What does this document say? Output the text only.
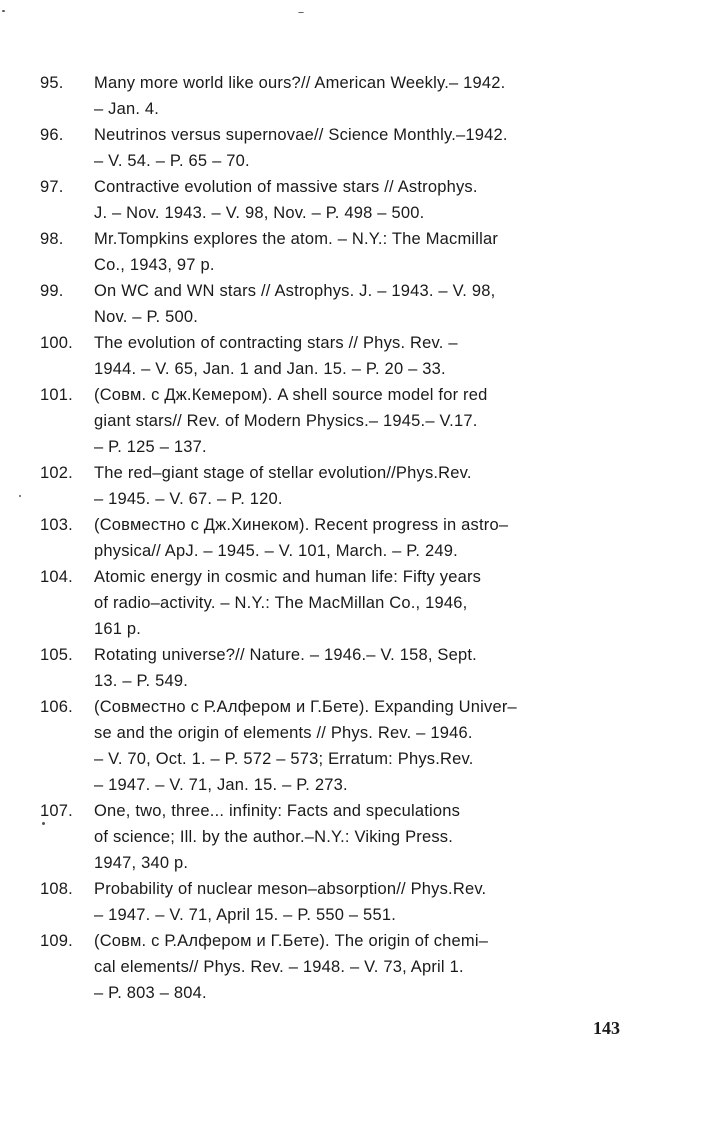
95.	Many more world like ours?// American Weekly.– 1942.
– Jan. 4.
96.	Neutrinos versus supernovae// Science Monthly.–1942.
– V. 54. – P. 65 – 70.
97.	Contractive evolution of massive stars // Astrophys.
J. – Nov. 1943. – V. 98, Nov. – P. 498 – 500.
98.	Mr.Tompkins explores the atom. – N.Y.: The Macmillar
Co., 1943, 97 p.
99.	On WC and WN stars // Astrophys. J. – 1943. – V. 98,
Nov. – P. 500.
100.	The evolution of contracting stars // Phys. Rev. –
1944. – V. 65, Jan. 1 and Jan. 15. – P. 20 – 33.
101.	(Совм. с Дж.Кемером). A shell source model for red
giant stars// Rev. of Modern Physics.– 1945.– V.17.
– P. 125 – 137.
102.	The red–giant stage of stellar evolution//Phys.Rev.
– 1945. – V. 67. – P. 120.
103.	(Совместно с Дж.Хинеком). Recent progress in astro–
physica// ApJ. – 1945. – V. 101, March. – P. 249.
104.	Atomic energy in cosmic and human life: Fifty years
of radio–activity. – N.Y.: The MacMillan Co., 1946,
161 p.
105.	Rotating universe?// Nature. – 1946.– V. 158, Sept.
13. – P. 549.
106.	(Совместно с Р.Алфером и Г.Бете). Expanding Univer–
se and the origin of elements // Phys. Rev. – 1946.
– V. 70, Oct. 1. – P. 572 – 573; Erratum: Phys.Rev.
– 1947. – V. 71, Jan. 15. – P. 273.
107.	One, two, three... infinity: Facts and speculations
of science; Ill. by the author.–N.Y.: Viking Press.
1947, 340 p.
108.	Probability of nuclear meson–absorption// Phys.Rev.
– 1947. – V. 71, April 15. – P. 550 – 551.
109.	(Совм. с Р.Алфером и Г.Бете). The origin of chemi–
cal elements// Phys. Rev. – 1948. – V. 73, April 1.
– P. 803 – 804.
143
